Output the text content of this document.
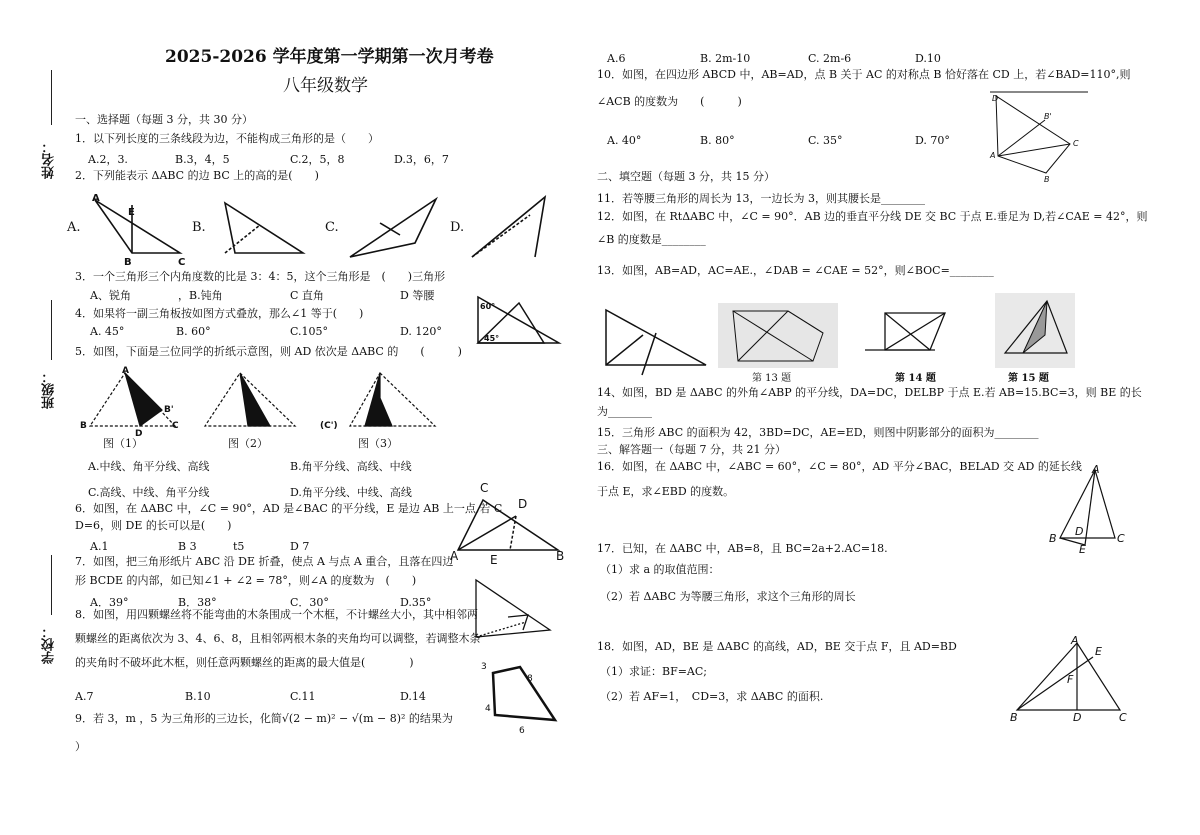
2025-2026 学年度第一学期第一次月考卷
八年级数学
姓名：
班级：
学校：
一、选择题（每题 3 分，共 30 分）
1．以下列长度的三条线段为边，不能构成三角形的是（　　）
A.2，3.	B.3，4，5	C.2，5，8	D.3，6，7
2．下列能表示 ΔABC 的边 BC 上的高的是(　　)
A.	B.	C.	D.
A
E
B	C
3．一个三角形三个内角度数的比是 3：4：5，这个三角形是　(　　)三角形
A、锐角	，B.钝角	C 直角	D 等腰
4．如果将一副三角板按如图方式叠放，那么∠1 等于(　　)
A. 45°	B. 60°	C.105°	D. 120°
60°
45°
5．如图，下面是三位同学的折纸示意图，则 AD 依次是 ΔABC 的　　(　　　)
A
B'
B
D
C	(C')
图（1）	图（2）	图（3）
A.中线、角平分线、高线	B.角平分线、高线、中线
C.高线、中线、角平分线	D.角平分线、中线、高线
6．如图，在 ΔABC 中，∠C = 90°，AD 是∠BAC 的平分线，E 是边 AB 上一点,若 C
D=6，则 DE 的长可以是(　　)
A.1	B 3	t5	D 7
C
D
A	E	B
7．如图，把三角形纸片 ABC 沿 DE 折叠，使点 A 与点 A 重合，且落在四边
形 BCDE 的内部，如已知∠1 + ∠2 = 78°，则∠A 的度数为　(　　)
A．39°	B．38°	C．30°	D.35°
8．如图，用四颗螺丝将不能弯曲的木条围成一个木框，不计螺丝大小，其中相邻两
颗螺丝的距离依次为 3、4、6、8，且相邻两根木条的夹角均可以调整，若调整木条
的夹角时不破坏此木框，则任意两颗螺丝的距离的最大值是(　　　　)
A.7	B.10	C.11	D.14
3
8
4
6
9．若 3，m ，5 为三角形的三边长，化简√(2 − m)² − √(m − 8)² 的结果为
）
A.6	B. 2m-10	C. 2m-6	D.10
10．如图，在四边形 ABCD 中，AB=AD，点 B 关于 AC 的对称点 B 恰好落在 CD 上，若∠BAD=110°,则
∠ACB 的度数为　　(　　　)
A. 40°	B. 80°	C. 35°	D. 70°
D
B'
A
C
B
二、填空题（每题 3 分，共 15 分）
11．若等腰三角形的周长为 13，一边长为 3，则其腰长是________
12．如图，在 RtΔABC 中，∠C = 90°．AB 边的垂直平分线 DE 交 BC 于点 E.垂足为 D,若∠CAE = 42°，则
∠B 的度数是________
13．如图，AB=AD，AC=AE.，∠DAB = ∠CAE = 52°，则∠BOC=________
第 13 题	第 14 题	第 15 题
14、如图，BD 是 ΔABC 的外角∠ABP 的平分线，DA=DC，DELBP 于点 E.若 AB=15.BC=3，则 BE 的长
为________
15．三角形 ABC 的面积为 42，3BD=DC，AE=ED，则图中阴影部分的面积为________
三、解答题一（每题 7 分，共 21 分）
16．如图，在 ΔABC 中，∠ABC = 60°，∠C = 80°，AD 平分∠BAC，BELAD 交 AD 的延长线
于点 E，求∠EBD 的度数。
A
D
B
E
C
17．已知，在 ΔABC 中，AB=8，且 BC=2a+2.AC=18.
（1）求 a 的取值范围：
（2）若 ΔABC 为等腰三角形，求这个三角形的周长
18．如图，AD，BE 是 ΔABC 的高线，AD，BE 交于点 F，且 AD=BD
（1）求证：BF=AC;
（2）若 AF=1，　CD=3，求 ΔABC 的面积.
A
E
F
B	D	C
